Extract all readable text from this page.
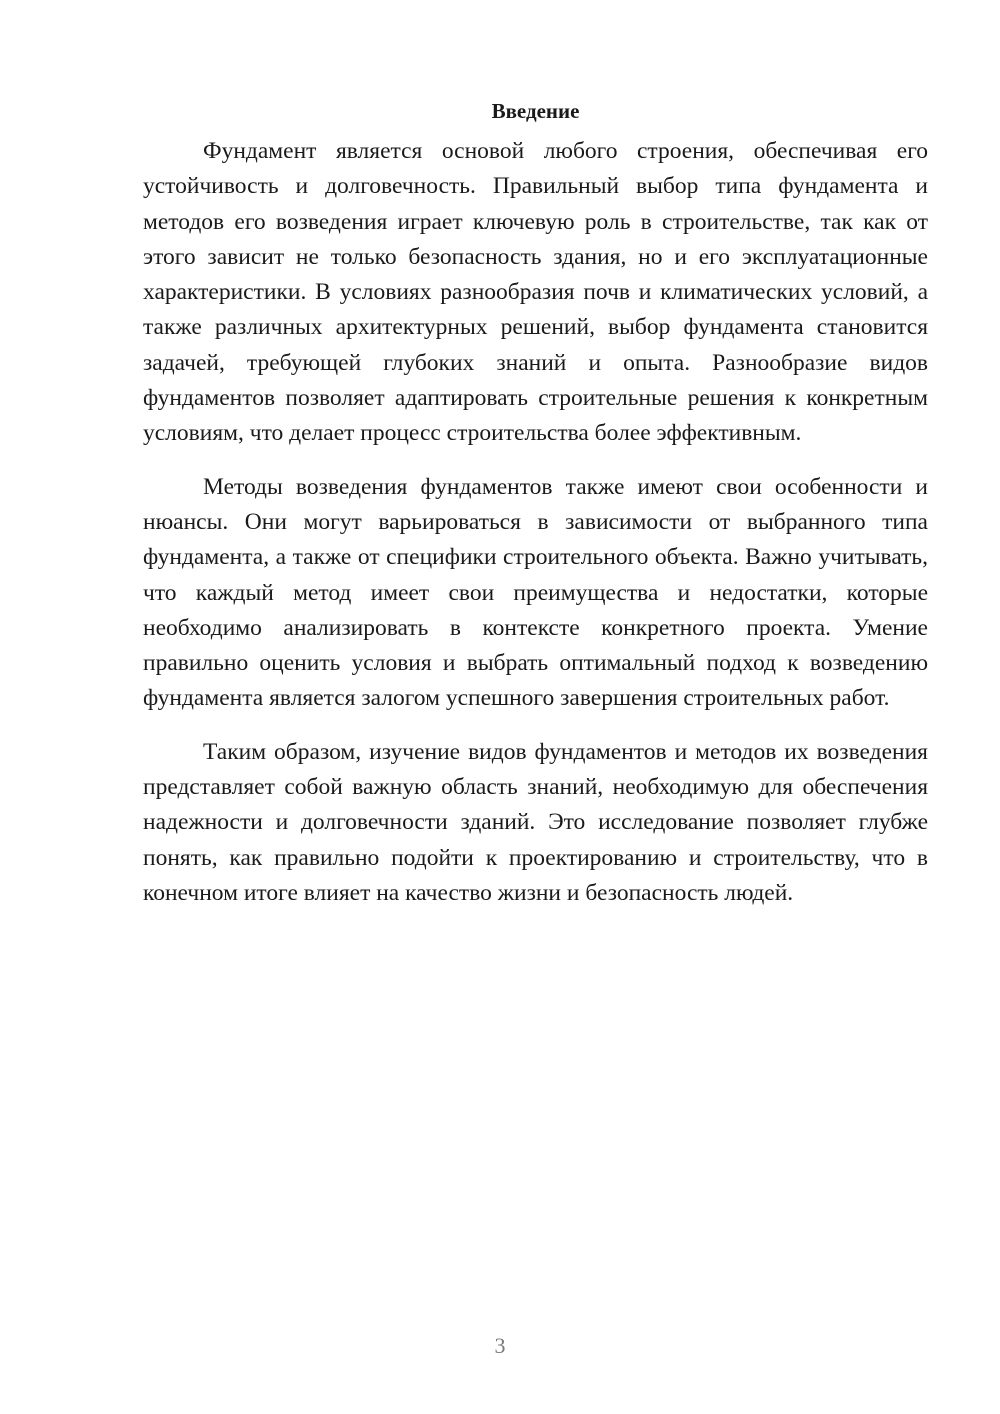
Введение

Фундамент является основой любого строения, обеспечивая его устойчивость и долговечность. Правильный выбор типа фундамента и методов его возведения играет ключевую роль в строительстве, так как от этого зависит не только безопасность здания, но и его эксплуатационные характеристики. В условиях разнообразия почв и климатических условий, а также различных архитектурных решений, выбор фундамента становится задачей, требующей глубоких знаний и опыта. Разнообразие видов фундаментов позволяет адаптировать строительные решения к конкретным условиям, что делает процесс строительства более эффективным.

Методы возведения фундаментов также имеют свои особенности и нюансы. Они могут варьироваться в зависимости от выбранного типа фундамента, а также от специфики строительного объекта. Важно учитывать, что каждый метод имеет свои преимущества и недостатки, которые необходимо анализировать в контексте конкретного проекта. Умение правильно оценить условия и выбрать оптимальный подход к возведению фундамента является залогом успешного завершения строительных работ.

Таким образом, изучение видов фундаментов и методов их возведения представляет собой важную область знаний, необходимую для обеспечения надежности и долговечности зданий. Это исследование позволяет глубже понять, как правильно подойти к проектированию и строительству, что в конечном итоге влияет на качество жизни и безопасность людей.

3
